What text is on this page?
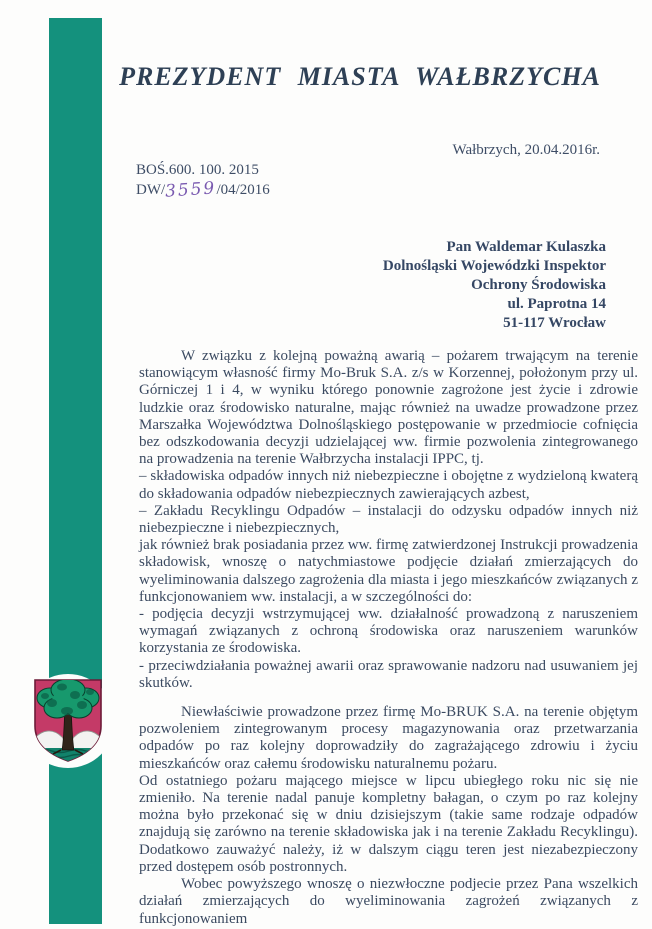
PREZYDENT MIASTA WAŁBRZYCHA
Wałbrzych, 20.04.2016r.
BOŚ.600. 100. 2015
DW/3559/04/2016
Pan Waldemar Kulaszka
Dolnośląski Wojewódzki Inspektor
Ochrony Środowiska
ul. Paprotna 14
51-117 Wrocław

W związku z kolejną poważną awarią – pożarem trwającym na terenie stanowiącym własność firmy Mo-Bruk S.A. z/s w Korzennej, położonym przy ul. Górniczej 1 i 4, w wyniku którego ponownie zagrożone jest życie i zdrowie ludzkie oraz środowisko naturalne, mając również na uwadze prowadzone przez Marszałka Województwa Dolnośląskiego postępowanie w przedmiocie cofnięcia bez odszkodowania decyzji udzielającej ww. firmie pozwolenia zintegrowanego na prowadzenia na terenie Wałbrzycha instalacji IPPC, tj.

– składowiska odpadów innych niż niebezpieczne i obojętne z wydzieloną kwaterą do składowania odpadów niebezpiecznych zawierających azbest,

– Zakładu Recyklingu Odpadów – instalacji do odzysku odpadów innych niż niebezpieczne i niebezpiecznych,

jak również brak posiadania przez ww. firmę zatwierdzonej Instrukcji prowadzenia składowisk, wnoszę o natychmiastowe podjęcie działań zmierzających do wyeliminowania dalszego zagrożenia dla miasta i jego mieszkańców związanych z funkcjonowaniem ww. instalacji, a w szczególności do:

- podjęcia decyzji wstrzymującej ww. działalność prowadzoną z naruszeniem wymagań związanych z ochroną środowiska oraz naruszeniem warunków korzystania ze środowiska.

- przeciwdziałania poważnej awarii oraz sprawowanie nadzoru nad usuwaniem jej skutków.

Niewłaściwie prowadzone przez firmę Mo-BRUK S.A. na terenie objętym pozwoleniem zintegrowanym procesy magazynowania oraz przetwarzania odpadów po raz kolejny doprowadziły do zagrażającego zdrowiu i życiu mieszkańców oraz całemu środowisku naturalnemu pożaru.

Od ostatniego pożaru mającego miejsce w lipcu ubiegłego roku nic się nie zmieniło. Na terenie nadal panuje kompletny bałagan, o czym po raz kolejny można było przekonać się w dniu dzisiejszym (takie same rodzaje odpadów znajdują się zarówno na terenie składowiska jak i na terenie Zakładu Recyklingu). Dodatkowo zauważyć należy, iż w dalszym ciągu teren jest niezabezpieczony przed dostępem osób postronnych.

Wobec powyższego wnoszę o niezwłoczne podjecie przez Pana wszelkich działań zmierzających do wyeliminowania zagrożeń związanych z funkcjonowaniem
